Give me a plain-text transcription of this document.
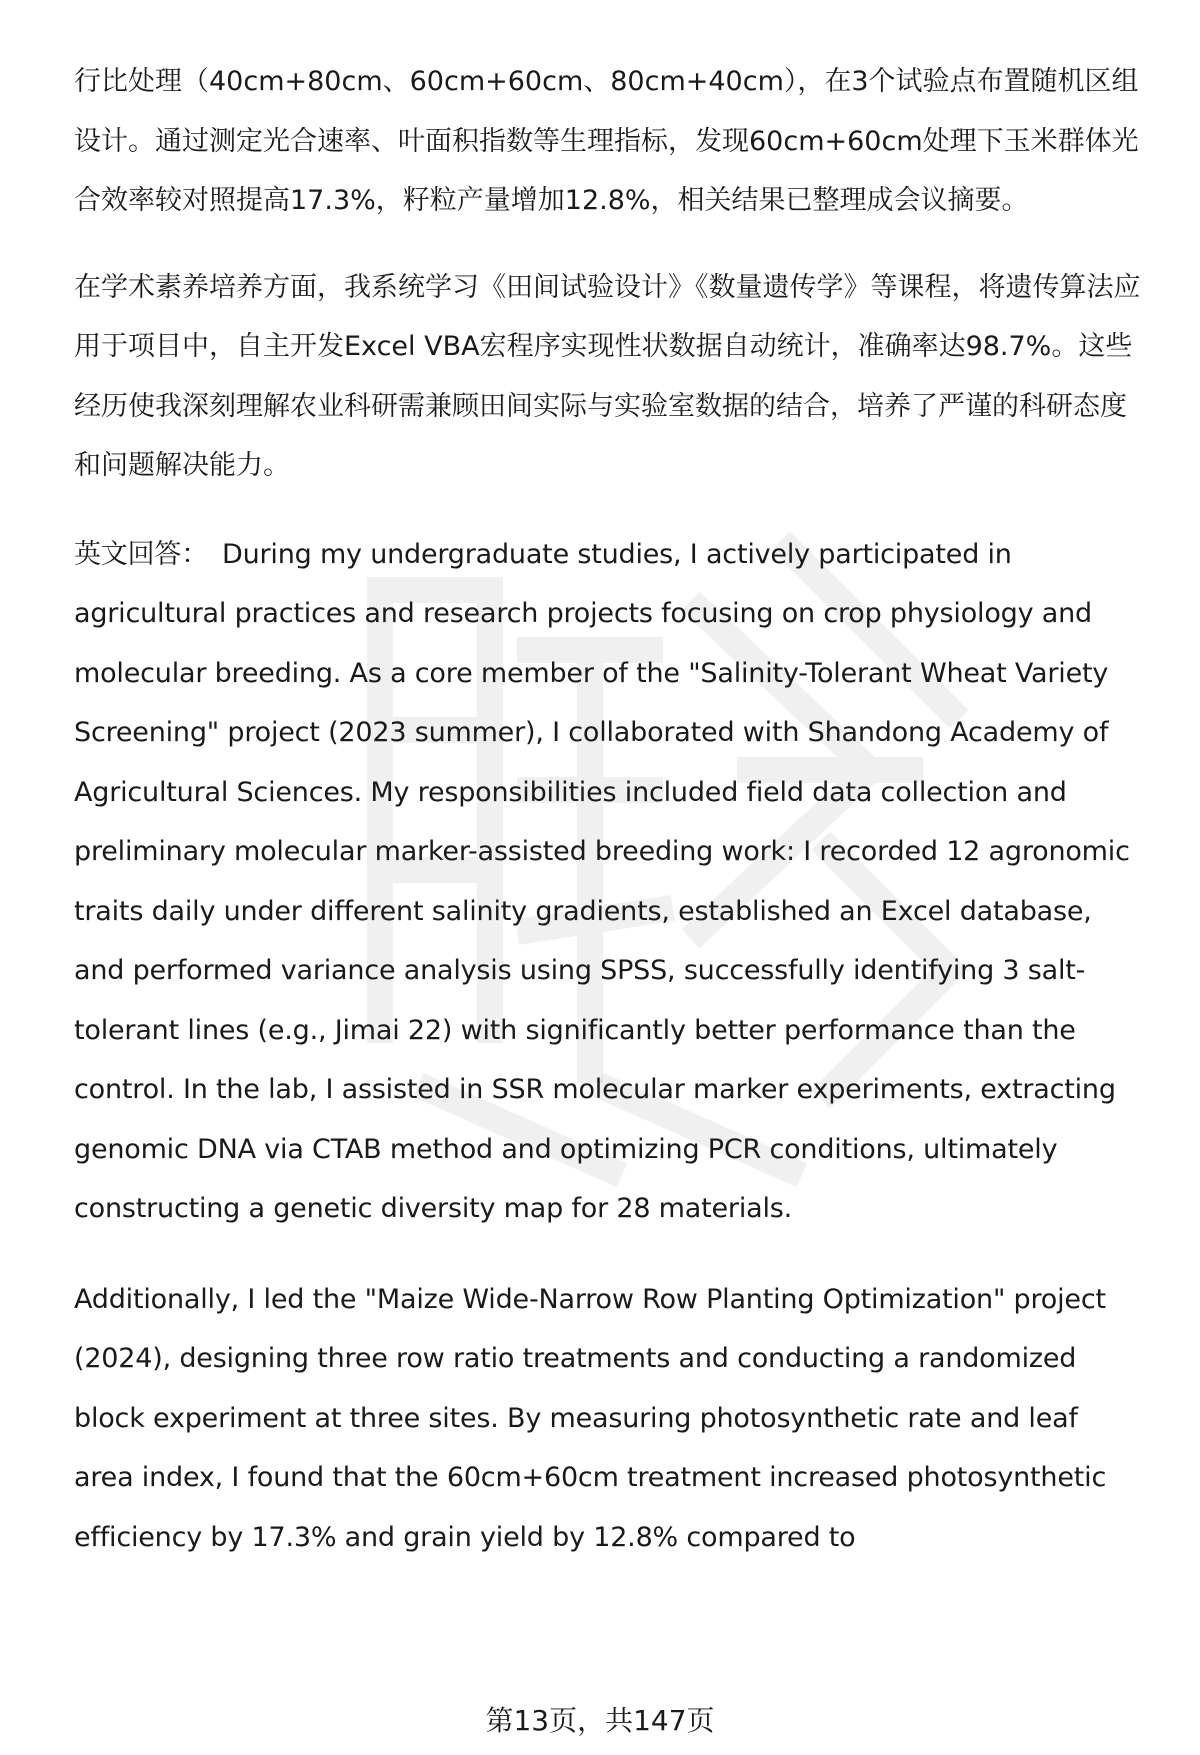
行比处理（40cm+80cm、60cm+60cm、80cm+40cm），在3个试验点布置随机区组设计。通过测定光合速率、叶面积指数等生理指标，发现60cm+60cm处理下玉米群体光合效率较对照提高17.3%，籽粒产量增加12.8%，相关结果已整理成会议摘要。

在学术素养培养方面，我系统学习《田间试验设计》《数量遗传学》等课程，将遗传算法应用于项目中，自主开发Excel VBA宏程序实现性状数据自动统计，准确率达98.7%。这些经历使我深刻理解农业科研需兼顾田间实际与实验室数据的结合，培养了严谨的科研态度和问题解决能力。

英文回答： During my undergraduate studies, I actively participated in agricultural practices and research projects focusing on crop physiology and molecular breeding. As a core member of the "Salinity-Tolerant Wheat Variety Screening" project (2023 summer), I collaborated with Shandong Academy of Agricultural Sciences. My responsibilities included field data collection and preliminary molecular marker-assisted breeding work: I recorded 12 agronomic traits daily under different salinity gradients, established an Excel database, and performed variance analysis using SPSS, successfully identifying 3 salt-tolerant lines (e.g., Jimai 22) with significantly better performance than the control. In the lab, I assisted in SSR molecular marker experiments, extracting genomic DNA via CTAB method and optimizing PCR conditions, ultimately constructing a genetic diversity map for 28 materials.

Additionally, I led the "Maize Wide-Narrow Row Planting Optimization" project (2024), designing three row ratio treatments and conducting a randomized block experiment at three sites. By measuring photosynthetic rate and leaf area index, I found that the 60cm+60cm treatment increased photosynthetic efficiency by 17.3% and grain yield by 12.8% compared to

第13页，共147页
